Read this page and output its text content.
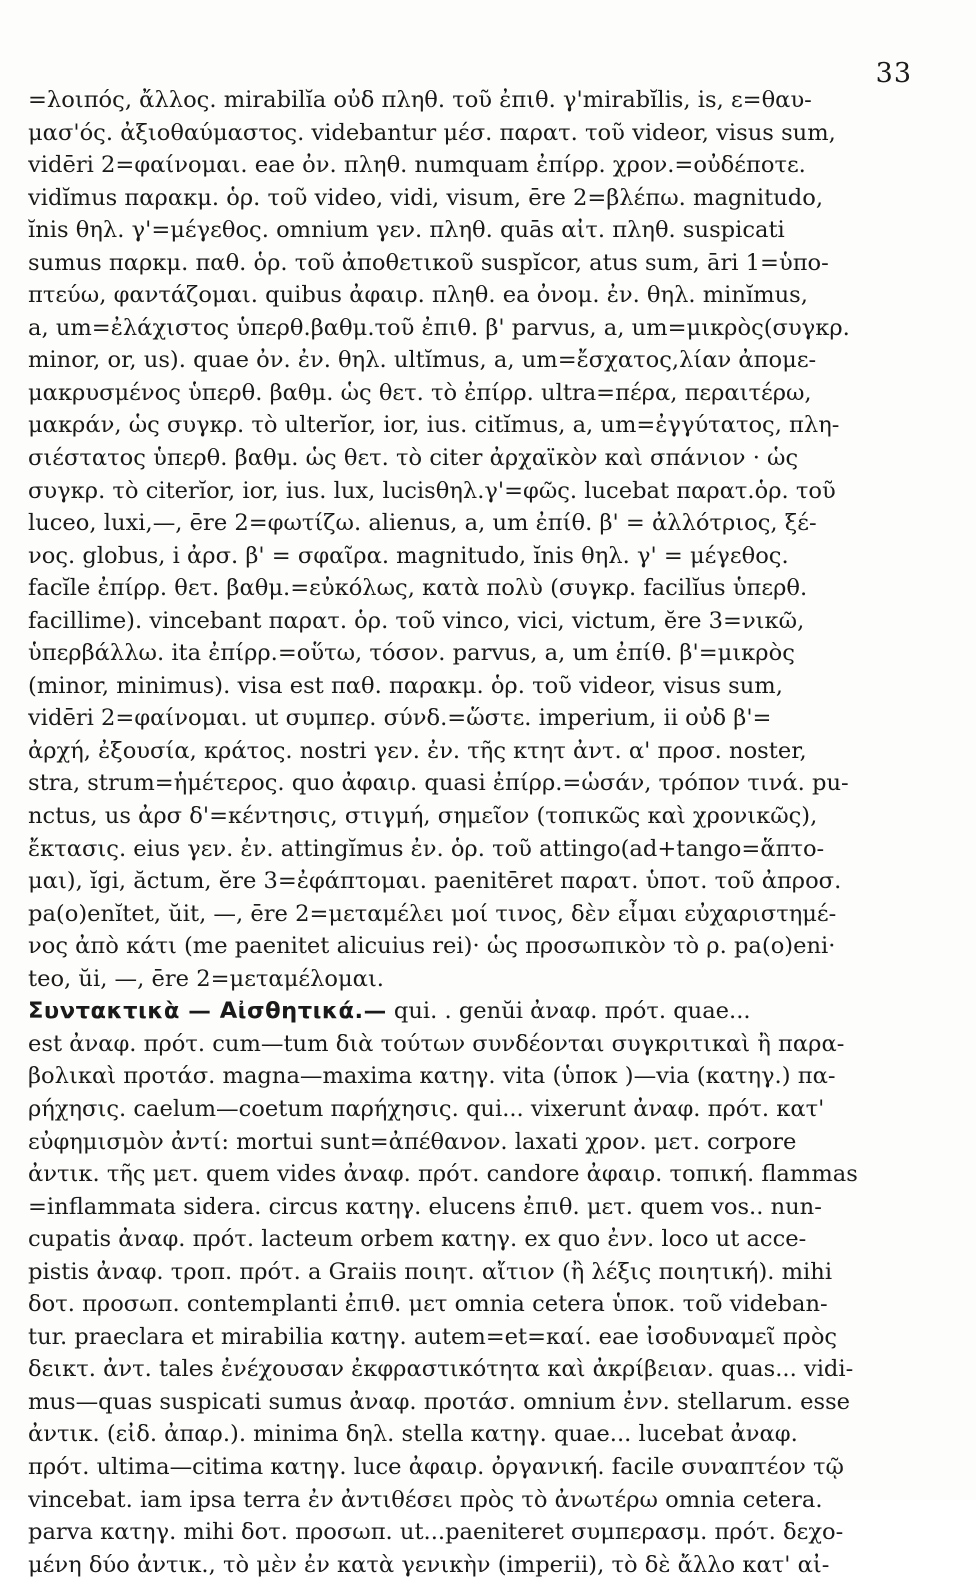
33
=λοιπός, ἄλλος. mirabilĭa οὐδ πληθ. τοῦ ἐπιθ. γ'mirabĭlis, is, ε=θαυ-
μασ'ός. ἀξιοθαύμαστος. videbantur μέσ. παρατ. τοῦ videor, visus sum,
vidēri 2=φαίνομαι. eae ὀν. πληθ. numquam ἐπίρρ. χρον.=οὐδέποτε.
vidĭmus παρακμ. ὁρ. τοῦ video, vidi, visum, ēre 2=βλέπω. magnitudo,
ĭnis θηλ. γ'=μέγεθος. omnium γεν. πληθ. quās αἰτ. πληθ. suspicati
sumus παρκμ. παθ. ὁρ. τοῦ ἀποθετικοῦ suspĭcor, atus sum, āri 1=ὑπο-
πτεύω, φαντάζομαι. quibus ἀφαιρ. πληθ. ea ὀνομ. ἐν. θηλ. minĭmus,
a, um=ἐλάχιστος ὑπερθ.βαθμ.τοῦ ἐπιθ. β' parvus, a, um=μικρὸς(συγκρ.
minor, or, us). quae ὀν. ἐν. θηλ. ultĭmus, a, um=ἔσχατος,λίαν ἀπομε-
μακρυσμένος ὑπερθ. βαθμ. ὡς θετ. τὸ ἐπίρρ. ultra=πέρα, περαιτέρω,
μακράν, ὡς συγκρ. τὸ ulterĭor, ior, ius. citĭmus, a, um=ἐγγύτατος, πλη-
σιέστατος ὑπερθ. βαθμ. ὡς θετ. τὸ citer ἀρχαϊκὸν καὶ σπάνιον · ὡς
συγκρ. τὸ citerĭor, ior, ius. lux, lucisθηλ.γ'=φῶς. lucebat παρατ.ὁρ. τοῦ
luceo, luxi,—, ēre 2=φωτίζω. alienus, a, um ἐπίθ. β' = ἀλλότριος, ξέ-
νος. globus, i ἀρσ. β' = σφαῖρα. magnitudo, ĭnis θηλ. γ' = μέγεθος.
facĭle ἐπίρρ. θετ. βαθμ.=εὐκόλως, κατὰ πολὺ (συγκρ. facilĭus ὑπερθ.
facillime). vincebant παρατ. ὁρ. τοῦ vinco, vici, victum, ĕre 3=νικῶ,
ὑπερβάλλω. ita ἐπίρρ.=οὕτω, τόσον. parvus, a, um ἐπίθ. β'=μικρὸς
(minor, minimus). visa est παθ. παρακμ. ὁρ. τοῦ videor, visus sum,
vidēri 2=φαίνομαι. ut συμπερ. σύνδ.=ὥστε. imperium, ii οὐδ β'=
ἀρχή, ἐξουσία, κράτος. nostri γεν. ἐν. τῆς κτητ ἀντ. α' προσ. noster,
stra, strum=ἡμέτερος. quo ἀφαιρ. quasi ἐπίρρ.=ὡσάν, τρόπον τινά. pu-
nctus, us ἀρσ δ'=κέντησις, στιγμή, σημεῖον (τοπικῶς καὶ χρονικῶς),
ἔκτασις. eius γεν. ἐν. attingĭmus ἐν. ὁρ. τοῦ attingo(ad+tango=ἅπτο-
μαι), ĭgi, ăctum, ĕre 3=ἐφάπτομαι. paenitēret παρατ. ὑποτ. τοῦ ἀπροσ.
pa(o)enĭtet, ŭit, —, ēre 2=μεταμέλει μοί τινος, δὲν εἶμαι εὐχαριστημέ-
νος ἀπὸ κάτι (me paenitet alicuius rei)· ὡς προσωπικὸν τὸ ρ. pa(o)eni·
teo, ŭi, —, ēre 2=μεταμέλομαι.
Συντακτικὰ — Αἰσθητικά.— qui. . genŭi ἀναφ. πρότ. quae...
est ἀναφ. πρότ. cum—tum διὰ τούτων συνδέονται συγκριτικαὶ ἢ παρα-
βολικαὶ προτάσ. magna—maxima κατηγ. vita (ὑποκ )—via (κατηγ.) πα-
ρήχησις. caelum—coetum παρήχησις. qui... vixerunt ἀναφ. πρότ. κατ'
εὐφημισμὸν ἀντί: mortui sunt=ἀπέθανον. laxati χρον. μετ. corpore
ἀντικ. τῆς μετ. quem vides ἀναφ. πρότ. candore ἀφαιρ. τοπική. flammas
=inflammata sidera. circus κατηγ. elucens ἐπιθ. μετ. quem vos.. nun-
cupatis ἀναφ. πρότ. lacteum orbem κατηγ. ex quo ἐνν. loco ut acce-
pistis ἀναφ. τροπ. πρότ. a Graiis ποιητ. αἴτιον (ἢ λέξις ποιητική). mihi
δοτ. προσωπ. contemplanti ἐπιθ. μετ omnia cetera ὑποκ. τοῦ videban-
tur. praeclara et mirabilia κατηγ. autem=et=καί. eae ἰσοδυναμεῖ πρὸς
δεικτ. ἀντ. tales ἐνέχουσαν ἐκφραστικότητα καὶ ἀκρίβειαν. quas... vidi-
mus—quas suspicati sumus ἀναφ. προτάσ. omnium ἐνν. stellarum. esse
ἀντικ. (εἰδ. ἀπαρ.). minima δηλ. stella κατηγ. quae... lucebat ἀναφ.
πρότ. ultima—citima κατηγ. luce ἀφαιρ. ὀργανική. facile συναπτέον τῷ
vincebat. iam ipsa terra ἐν ἀντιθέσει πρὸς τὸ ἀνωτέρω omnia cetera.
parva κατηγ. mihi δοτ. προσωπ. ut...paeniteret συμπερασμ. πρότ. δεχο-
μένη δύο ἀντικ., τὸ μὲν ἐν κατὰ γενικὴν (imperii), τὸ δὲ ἄλλο κατ' αἰ-
